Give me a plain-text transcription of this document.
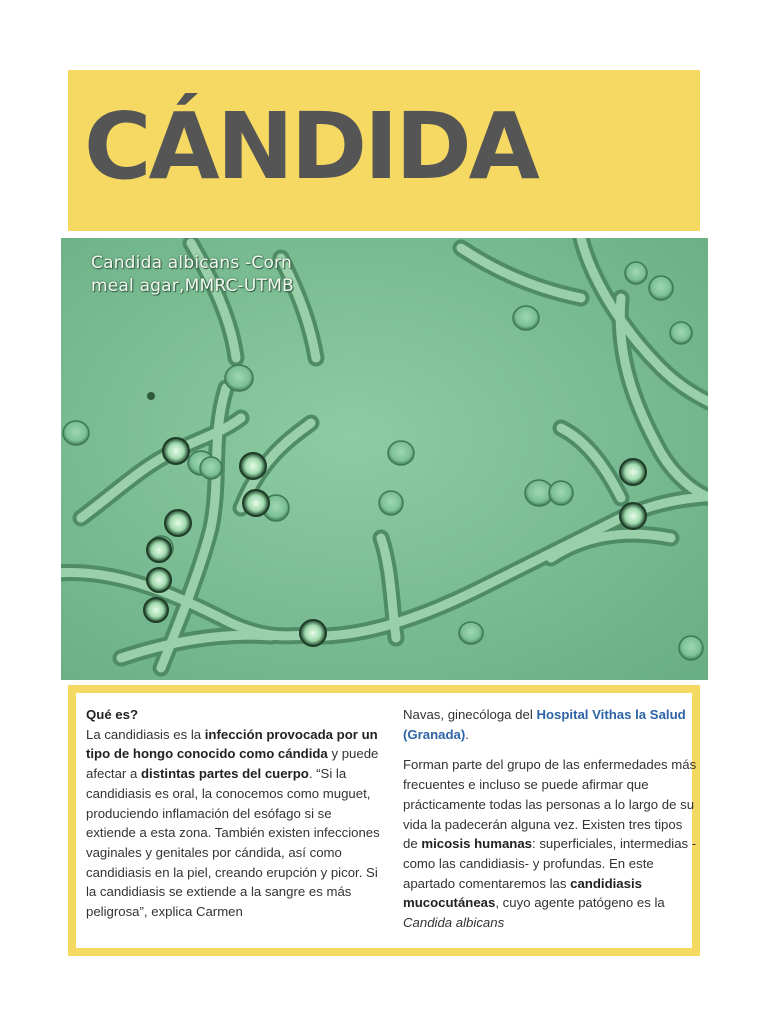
CÁNDIDA
Candida albicans -Corn
meal agar,MMRC-UTMB
Qué es?
La candidiasis es la infección provocada por un tipo de hongo conocido como cándida y puede afectar a distintas partes del cuerpo. “Si la candidiasis es oral, la conocemos como muguet, produciendo inflamación del esófago si se extiende a esta zona. También existen infecciones vaginales y genitales por cándida, así como candidiasis en la piel, creando erupción y picor. Si la candidiasis se extiende a la sangre es más peligrosa”, explica Carmen

Navas, ginecóloga del Hospital Vithas la Salud (Granada).

Forman parte del grupo de las enfermedades más frecuentes e incluso se puede afirmar que prácticamente todas las personas a lo largo de su vida la padecerán alguna vez. Existen tres tipos de micosis humanas: superficiales, intermedias -como las candidiasis- y profundas. En este apartado comentaremos las candidiasis mucocutáneas, cuyo agente patógeno es la Candida albicans
